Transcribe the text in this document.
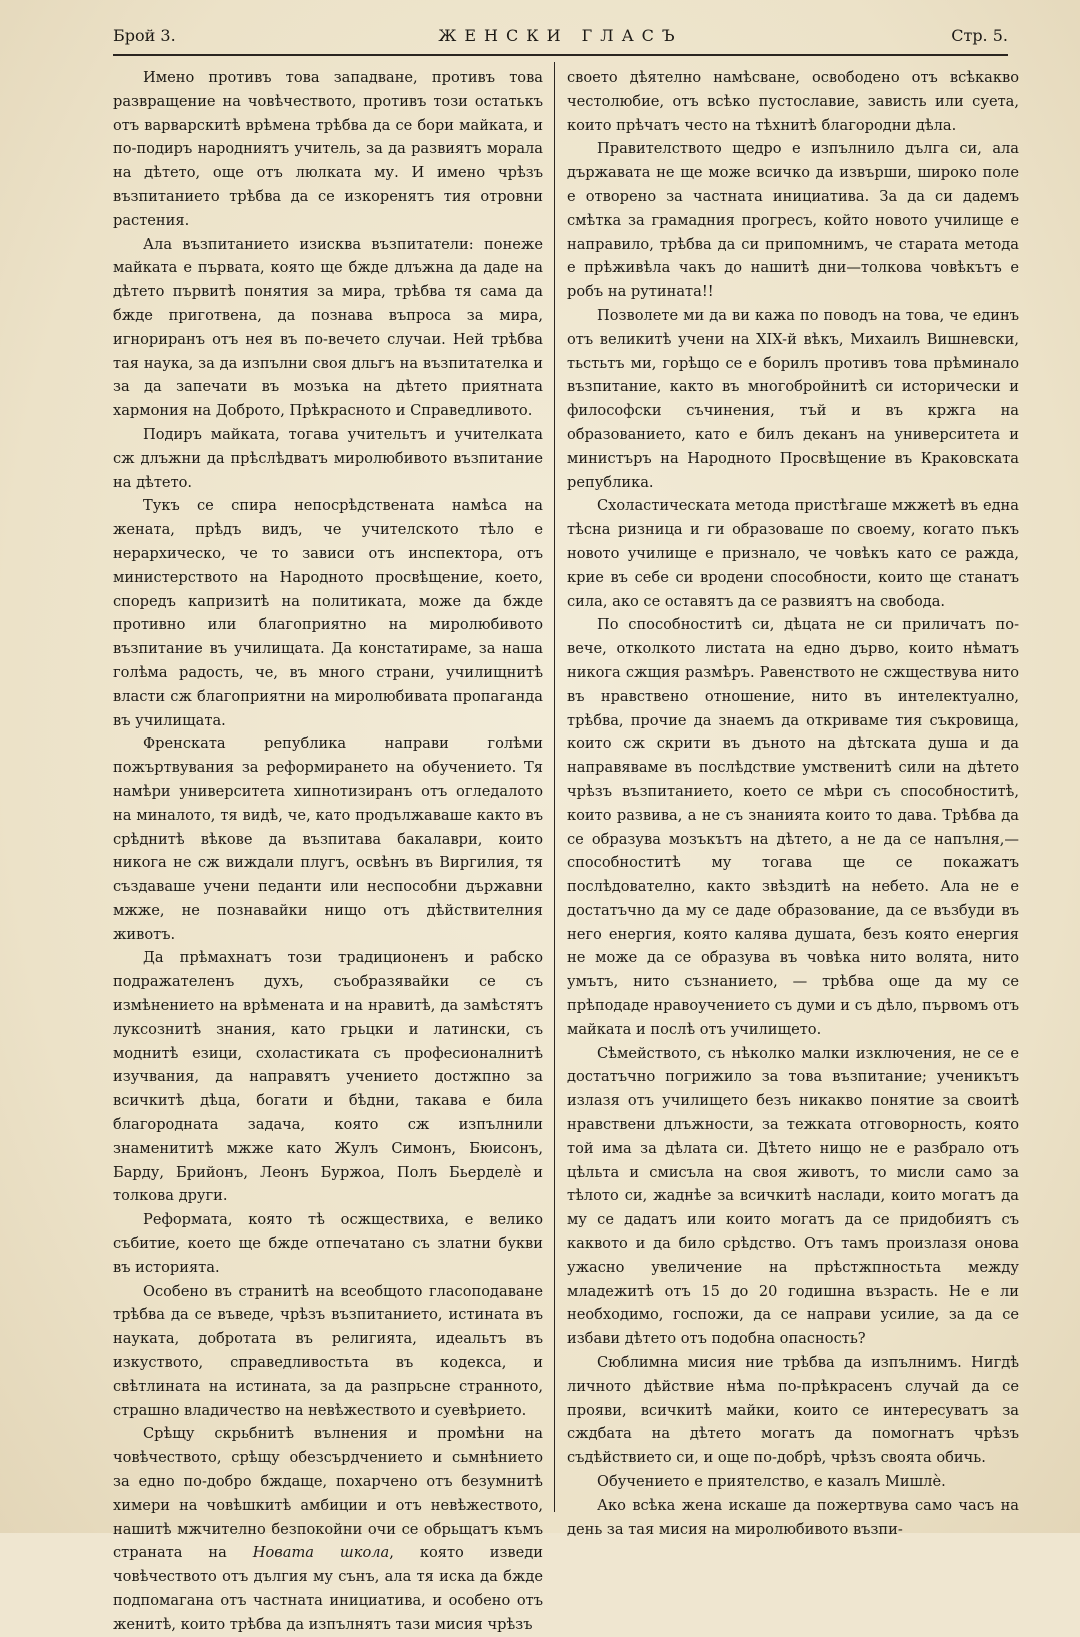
Брой 3.	ЖЕНСКИ ГЛАСЪ	Стр. 5.

Имено противъ това западване, противъ това развращение на човѣчеството, противъ този остатькъ отъ варварскитѣ врѣмена трѣбва да се бори майката, и по-подиръ народниятъ учитель, за да развиятъ морала на дѣтето, още отъ люлката му. И имено чрѣзъ възпитанието трѣбва да се изкоренятъ тия отровни растения.

Ала възпитанието изисква възпитатели: понеже майката е първата, която ще бжде длъжна да даде на дѣтето първитѣ понятия за мира, трѣбва тя сама да бжде приготвена, да познава въпроса за мира, игнориранъ отъ нея въ по-вечето случаи. Ней трѣбва тая наука, за да изпълни своя дльгъ на възпитателка и за да запечати въ мозъка на дѣтето приятната хармония на Доброто, Прѣкрасното и Справедливото.

Подиръ майката, тогава учительтъ и учителката сж длъжни да прѣслѣдватъ миролюбивото възпитание на дѣтето.

Тукъ се спира непосрѣдствената намѣса на жената, прѣдъ видъ, че учителското тѣло е нерархическо, че то зависи отъ инспектора, отъ министерството на Народното просвѣщение, което, споредъ капризитѣ на политиката, може да бжде противно или благоприятно на миролюбивото възпитание въ училищата. Да констатираме, за наша голѣма радость, че, въ много страни, училищнитѣ власти сж благоприятни на миролюбивата пропаганда въ училищата.

Френската република направи голѣми пожъртвувания за реформирането на обучението. Тя намѣри университета хипнотизиранъ отъ огледалото на миналото, тя видѣ, че, като продължаваше както въ срѣднитѣ вѣкове да възпитава бакалаври, които никога не сж виждали плугъ, освѣнъ въ Виргилия, тя създаваше учени педанти или неспособни държавни мжже, не познавайки нищо отъ дѣйствителния животъ.

Да прѣмахнатъ този традиционенъ и рабско подражателенъ духъ, съобразявайки се съ измѣнението на врѣмената и на нравитѣ, да замѣстятъ луксознитѣ знания, като грьцки и латински, съ моднитѣ езици, схоластиката съ професионалнитѣ изучвания, да направятъ учението достжпно за всичкитѣ дѣца, богати и бѣдни, такава е била благородната задача, която сж изпълнили знаменититѣ мжже като Жулъ Симонъ, Бюисонъ, Барду, Брийонъ, Леонъ Буржоа, Полъ Бьерделè и толкова други.

Реформата, която тѣ осжществиха, е велико събитие, което ще бжде отпечатано съ златни букви въ историята.

Особено въ странитѣ на всеобщото гласоподаване трѣбва да се въведе, чрѣзъ възпитанието, истината въ науката, добротата въ религията, идеальтъ въ изкуството, справедливостьта въ кодекса, и свѣтлината на истината, за да разпрьсне странното, страшно владичество на невѣжеството и суевѣрието.

Срѣщу скрьбнитѣ вълнения и промѣни на човѣчеството, срѣщу обезсърдчението и сьмнѣнието за едно по-добро бждаще, похарчено отъ безумнитѣ химери на човѣшкитѣ амбиции и отъ невѣжеството, нашитѣ мжчително безпокойни очи се обрьщатъ къмъ страната на Новата школа, която изведи човѣчеството отъ дългия му сънъ, ала тя иска да бжде подпомагана отъ частната инициатива, и особено отъ женитѣ, които трѣбва да изпълнятъ тази мисия чрѣзъ

своето дѣятелно намѣсване, освободено отъ всѣкакво честолюбие, отъ всѣко пустославие, зависть или суета, които прѣчатъ често на тѣхнитѣ благородни дѣла.

Правителството щедро е изпълнило дълга си, ала държавата не ще може всичко да извърши, широко поле е отворено за частната инициатива. За да си дадемъ смѣтка за грамадния прогресъ, който новото училище е направило, трѣбва да си припомнимъ, че старата метода е прѣживѣла чакъ до нашитѣ дни—толкова човѣкътъ е робъ на рутината!!

Позволете ми да ви кажа по поводъ на това, че единъ отъ великитѣ учени на XIX-й вѣкъ, Михаилъ Вишневски, тьстьтъ ми, горѣщо се е борилъ противъ това прѣминало възпитание, както въ многобройнитѣ си исторически и философски съчинения, тъй и въ кржга на образованието, като е билъ деканъ на университета и министъръ на Народното Просвѣщение въ Краковската република.

Схоластическата метода пристѣгаше мжжетѣ въ една тѣсна ризница и ги образоваше по своему, когато пъкъ новото училище е признало, че човѣкъ като се ражда, крие въ себе си вродени способности, които ще станатъ сила, ако се оставятъ да се развиятъ на свобода.

По способноститѣ си, дѣцата не си приличатъ по-вече, отколкото листата на едно дърво, които нѣматъ никога сжщия размѣръ. Равенството не сжществува нито въ нравствено отношение, нито въ интелектуално, трѣбва, прочие да знаемъ да откриваме тия съкровища, които сж скрити въ дъното на дѣтската душа и да направяваме въ послѣдствие умственитѣ сили на дѣтето чрѣзъ възпитанието, което се мѣри съ способноститѣ, които развива, а не съ знанията които то дава. Трѣбва да се образува мозъкътъ на дѣтето, а не да се напълня,—способноститѣ му тогава ще се покажатъ послѣдователно, както звѣздитѣ на небето. Ала не е достатъчно да му се даде образование, да се възбуди въ него енергия, която калява душата, безъ която енергия не може да се образува въ човѣка нито волята, нито умътъ, нито съзнанието, — трѣбва още да му се прѣподаде нравоучението съ думи и съ дѣло, първомъ отъ майката и послѣ отъ училището.

Сѣмейството, съ нѣколко малки изключения, не се е достатъчно погрижило за това възпитание; ученикътъ излазя отъ училището безъ никакво понятие за своитѣ нравствени длъжности, за тежката отговорность, която той има за дѣлата си. Дѣтето нищо не е разбрало отъ цѣльта и смисъла на своя животъ, то мисли само за тѣлото си, жаднѣе за всичкитѣ наслади, които могатъ да му се дадатъ или които могатъ да се придобиятъ съ каквото и да било срѣдство. Отъ тамъ произлазя онова ужасно увеличение на прѣстжпностьта между младежитѣ отъ 15 до 20 годишна възрасть. Не е ли необходимо, госпожи, да се направи усилие, за да се избави дѣтето отъ подобна опасность?

Сюблимна мисия ние трѣбва да изпълнимъ. Нигдѣ личното дѣйствие нѣма по-прѣкрасенъ случай да се прояви, всичкитѣ майки, които се интересуватъ за сждбата на дѣтето могатъ да помогнатъ чрѣзъ съдѣйствието си, и още по-добрѣ, чрѣзъ своята обичь.

Обучението е приятелство, е казалъ Мишлè.

Ако всѣка жена искаше да пожертвува само часъ на день за тая мисия на миролюбивото възпи-
